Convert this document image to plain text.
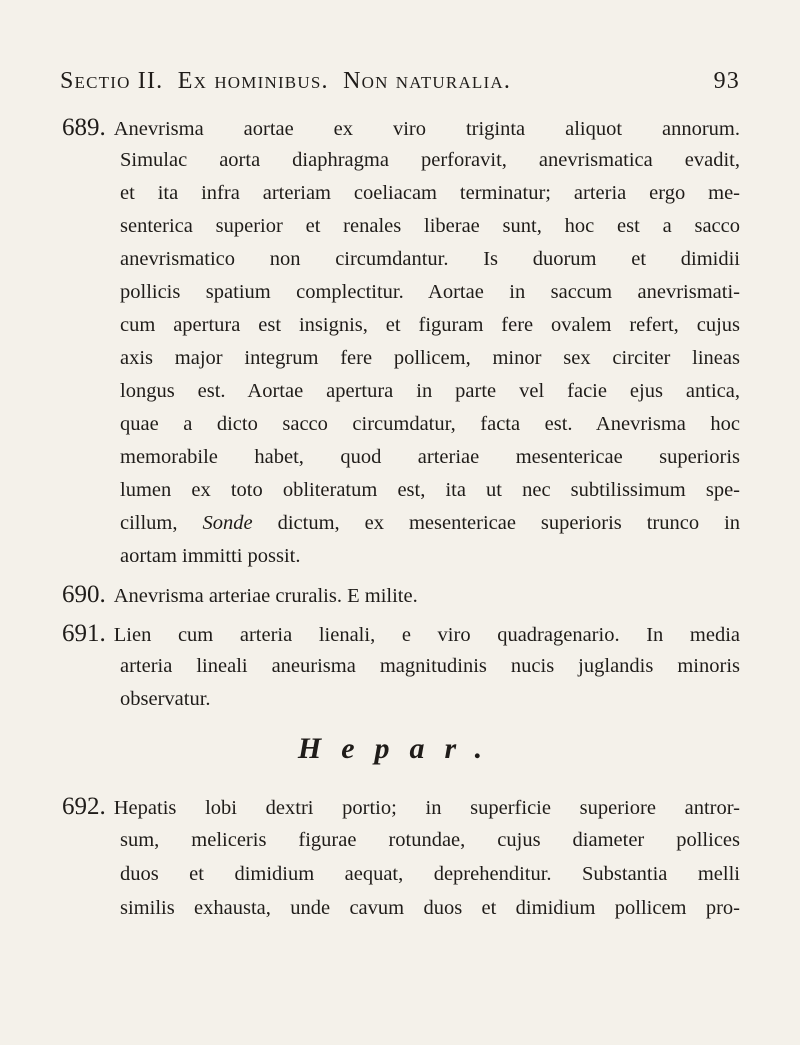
Sectio II.
Ex hominibus.
Non naturalia.	93
689. Anevrisma aortae ex viro triginta aliquot annorum.
Simulac aorta diaphragma perforavit, anevrismatica evadit,
et ita infra arteriam coeliacam terminatur; arteria ergo me-
senterica superior et renales liberae sunt, hoc est a sacco
anevrismatico non circumdantur. Is duorum et dimidii
pollicis spatium complectitur. Aortae in saccum anevrismati-
cum apertura est insignis, et figuram fere ovalem refert, cujus
axis major integrum fere pollicem, minor sex circiter lineas
longus est. Aortae apertura in parte vel facie ejus antica,
quae a dicto sacco circumdatur, facta est. Anevrisma hoc
memorabile habet, quod arteriae mesentericae superioris
lumen ex toto obliteratum est, ita ut nec subtilissimum spe-
cillum, Sonde dictum, ex mesentericae superioris trunco in
aortam immitti possit.
690. Anevrisma arteriae cruralis. E milite.
691. Lien cum arteria lienali, e viro quadragenario. In media
arteria lineali aneurisma magnitudinis nucis juglandis minoris
observatur.
Hepar.
692. Hepatis lobi dextri portio; in superficie superiore antror-
sum, meliceris figurae rotundae, cujus diameter pollices
duos et dimidium aequat, deprehenditur. Substantia melli
similis exhausta, unde cavum duos et dimidium pollicem pro-
